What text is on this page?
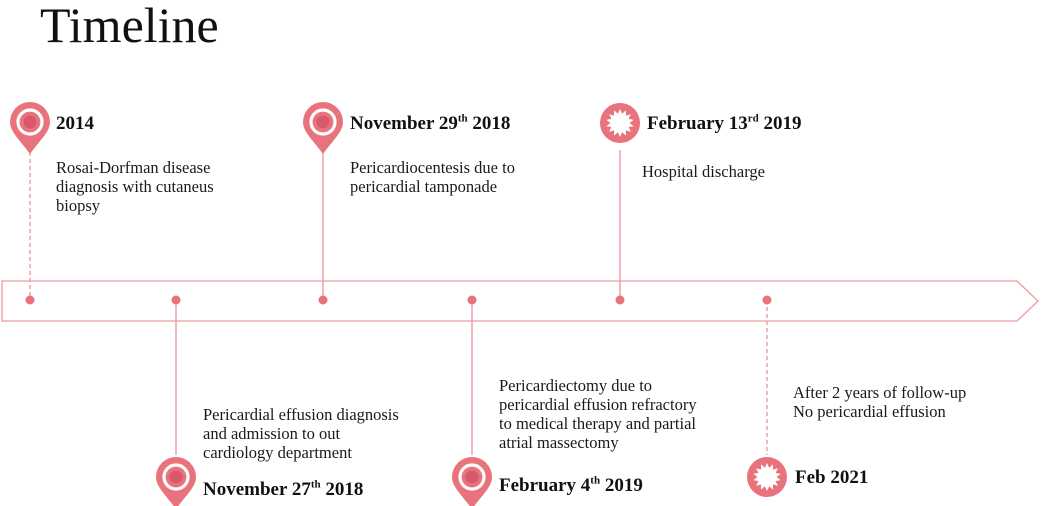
Timeline
2014
Rosai-Dorfman disease
diagnosis with cutaneus
biopsy
November 27th 2018
Pericardial effusion diagnosis
and admission to out
cardiology department
November 29th 2018
Pericardiocentesis due to
pericardial tamponade
February 4th 2019
Pericardiectomy due to
pericardial effusion refractory
to medical therapy and partial
atrial massectomy
February 13rd 2019
Hospital discharge
Feb 2021
After 2 years of follow-up
No pericardial effusion
